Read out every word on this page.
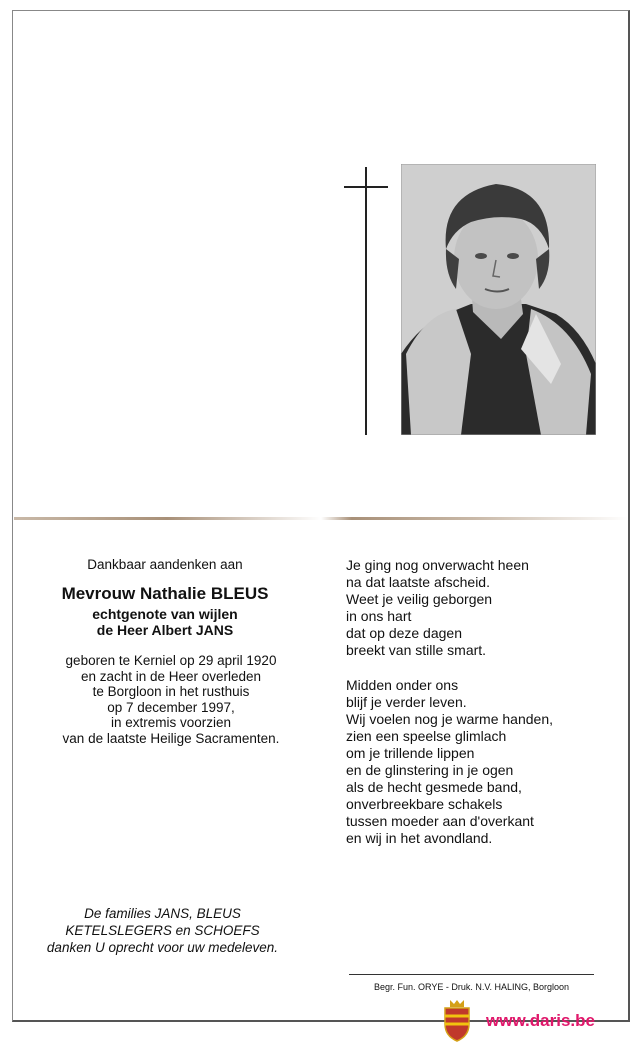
Dankbaar aandenken aan
Mevrouw Nathalie BLEUS
echtgenote van wijlen
de Heer Albert JANS
geboren te Kerniel op 29 april 1920
en zacht in de Heer overleden
te Borgloon in het rusthuis
op 7 december 1997,
in extremis voorzien
van de laatste Heilige Sacramenten.
De families JANS, BLEUS
KETELSLEGERS en SCHOEFS
danken U oprecht voor uw medeleven.
Je ging nog onverwacht heen
na dat laatste afscheid.
Weet je veilig geborgen
in ons hart
dat op deze dagen
breekt van stille smart.
Midden onder ons
blijf je verder leven.
Wij voelen nog je warme handen,
zien een speelse glimlach
om je trillende lippen
en de glinstering in je ogen
als de hecht gesmede band,
onverbreekbare schakels
tussen moeder aan d'overkant
en wij in het avondland.
Begr. Fun. ORYE - Druk. N.V. HALING, Borgloon
www.daris.be
